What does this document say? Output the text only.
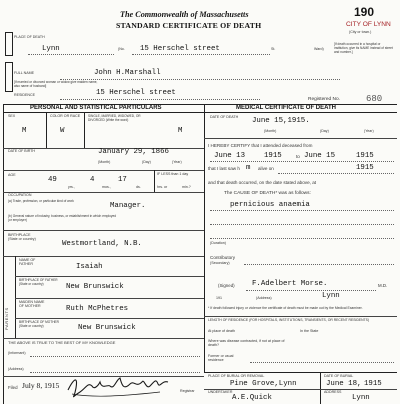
The Commonwealth of Massachusetts
STANDARD CERTIFICATE OF DEATH
190
CITY OF LYNN
(City or town.)
PLACE OF DEATH
Lynn	(No. 15 Herschel street	St.	Ward)
[If death occurred in a hospital or institution, give its NAME instead of street and number.]
FULL NAME	John H.Marshall
[If married or divorced woman or widow give maiden name, also name of husband]
RESIDENCE	15 Herschel street
Registered No.	680
PERSONAL AND STATISTICAL PARTICULARS
SEX
M
COLOR OR RACE
W
SINGLE, MARRIED, WIDOWED, OR DIVORCED (Write the word)
M
DATE OF BIRTH	January 29, 1866
(Month)	(Day)	(Year)
AGE
49
yrs.,
4
mos.,
17
ds.
IF LESS than 1 day
hrs. or	min.?
OCCUPATION
(a) Trade, profession, or particular kind of work
Manager.
(b) General nature of industry, business, or establishment in which employed (or employer)
BIRTHPLACE (State or country)
Westmortland, N.B.
PARENTS
NAME OF FATHER	Isaiah
BIRTHPLACE OF FATHER (State or country)	New Brunswick
MAIDEN NAME OF MOTHER	Ruth McPhetres
BIRTHPLACE OF MOTHER (State or country)	New Brunswick
THE ABOVE IS TRUE TO THE BEST OF MY KNOWLEDGE
(Informant)
(Address)
Filed July 8, 1915
Registrar
MEDICAL CERTIFICATE OF DEATH
DATE OF DEATH June 15,1915.
(Month)	(Day)	(Year)
I HEREBY CERTIFY that I attended deceased from
June 13	1915	to June 15	1915
that I last saw h m alive on	1915
and that death occurred, on the date stated above, at
The CAUSE OF DEATH* was as follows:
pernicious anaemia
(Duration)
Contributory
(Secondary)
(Signed) F.Adelbert Morse.	M.D.
191	(Address)	Lynn
* If death followed injury or violence the certificate of death must be made out by the Medical Examiner.
LENGTH OF RESIDENCE (FOR HOSPITALS, INSTITUTIONS, TRANSIENTS, OR RECENT RESIDENTS)
At place of death	In the State
Where was disease contracted, if not at place of death?
Former or usual residence
PLACE OF BURIAL OR REMOVAL
Pine Grove,Lynn
DATE OF BURIAL
June 18, 1915
UNDERTAKER
A.E.Quick
ADDRESS
Lynn
